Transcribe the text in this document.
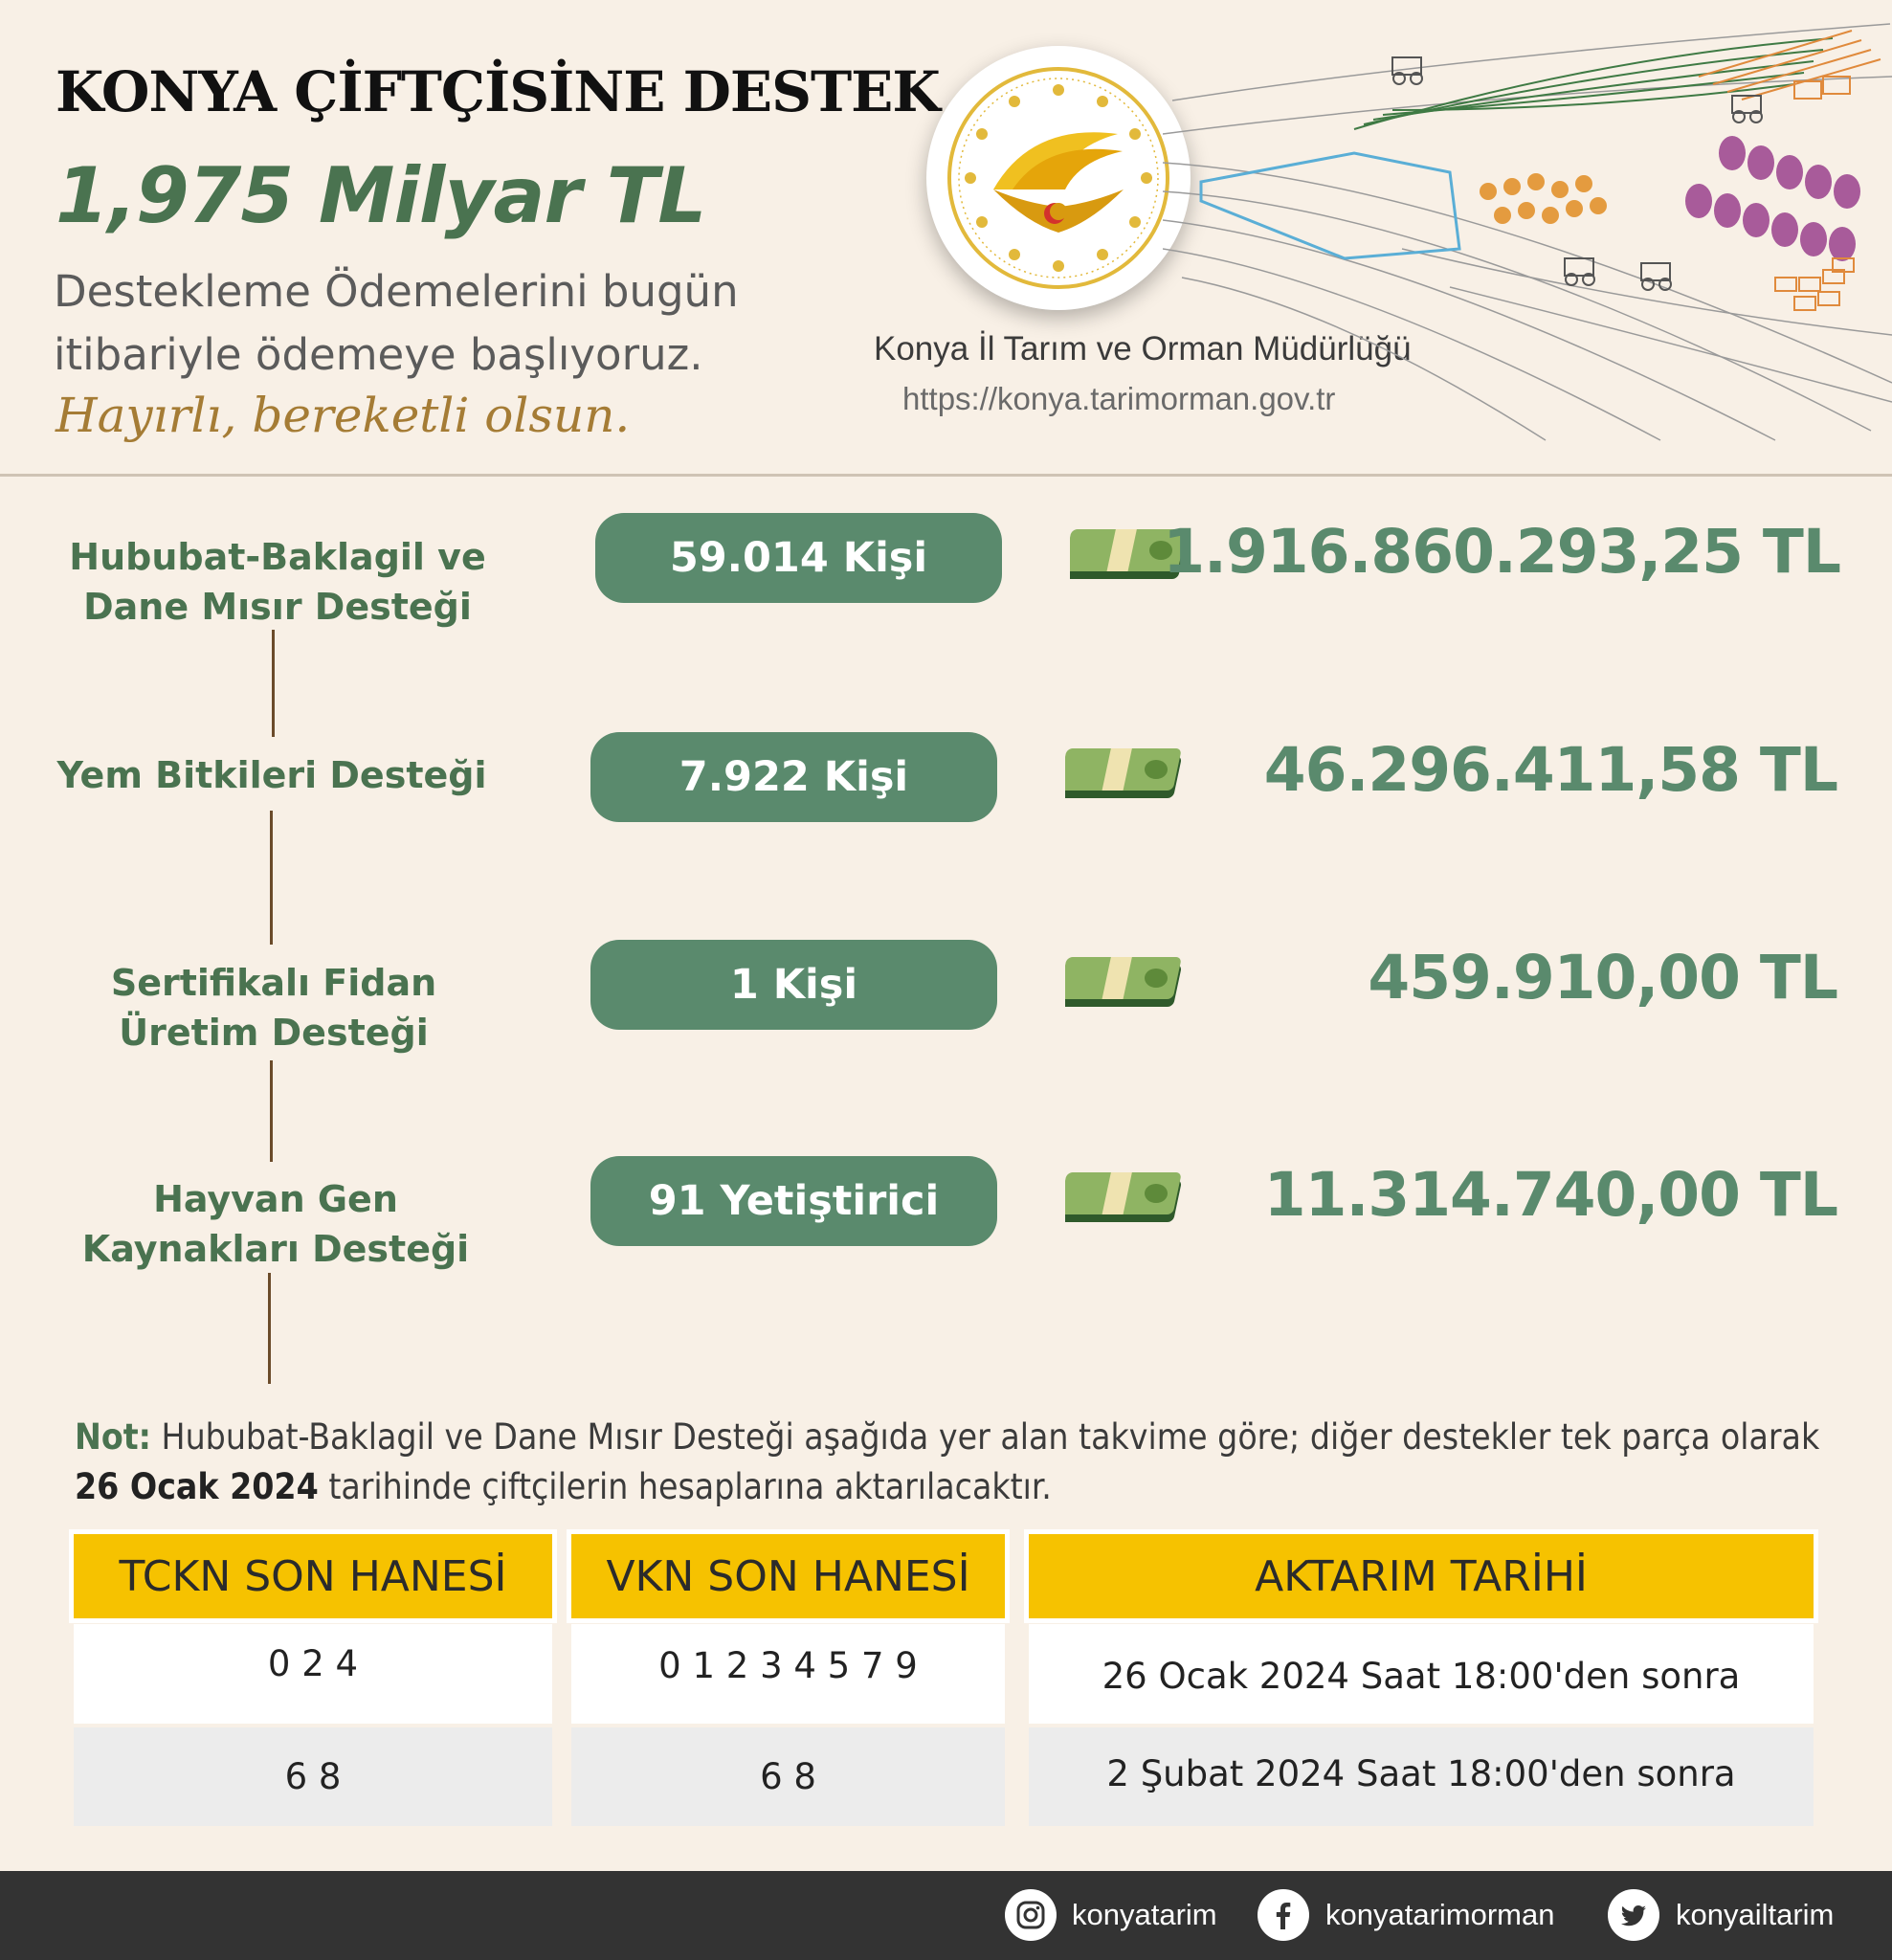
KONYA ÇİFTÇİSİNE DESTEK
1,975 Milyar TL
Destekleme Ödemelerini bugün
itibariyle ödemeye başlıyoruz.
Hayırlı, bereketli olsun.
Konya İl Tarım ve Orman Müdürlüğü
https://konya.tarimorman.gov.tr
Hububat-Baklagil ve
Dane Mısır Desteği
59.014 Kişi	1.916.860.293,25 TL
Yem Bitkileri Desteği	7.922 Kişi	46.296.411,58 TL
Sertifikalı Fidan
Üretim Desteği
1 Kişi	459.910,00 TL
Hayvan Gen
Kaynakları Desteği
91 Yetiştirici	11.314.740,00 TL
Not: Hububat-Baklagil ve Dane Mısır Desteği aşağıda yer alan takvime göre; diğer destekler tek parça olarak 26 Ocak 2024 tarihinde çiftçilerin hesaplarına aktarılacaktır.
TCKN SON HANESİ	VKN SON HANESİ	AKTARIM TARİHİ
0 2 4	0 1 2 3 4 5 7 9	26 Ocak 2024 Saat 18:00'den sonra
6 8	6 8	2 Şubat 2024 Saat 18:00'den sonra
konyatarim	konyatarimorman	konyailtarim
